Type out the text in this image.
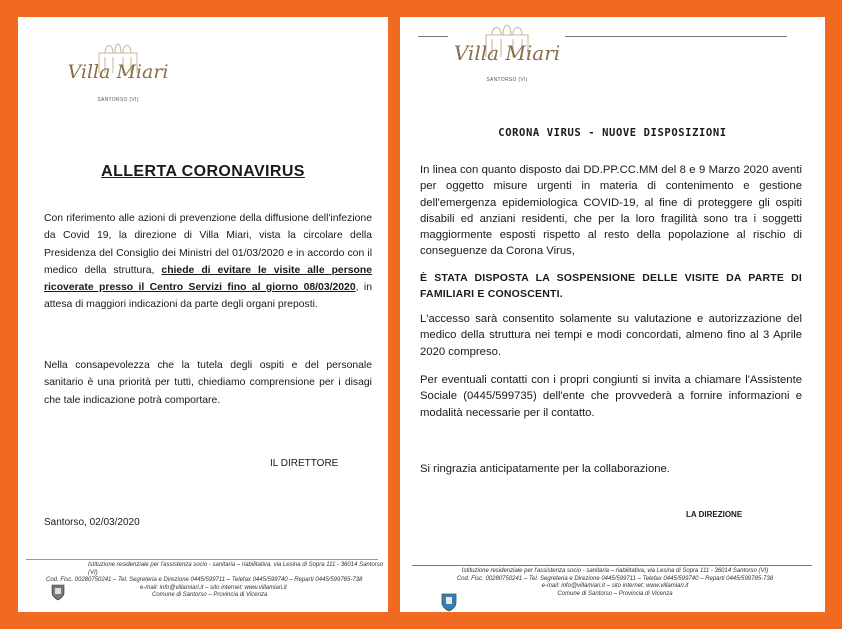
Villa Miari
SANTORSO (VI)
ALLERTA CORONAVIRUS
Con riferimento alle azioni di prevenzione della diffusione dell'infezione da Covid 19, la direzione di Villa Miari, vista la circolare della Presidenza del Consiglio dei Ministri del 01/03/2020 e in accordo con il medico della struttura, chiede di evitare le visite alle persone ricoverate presso il Centro Servizi fino al giorno 08/03/2020, in attesa di maggiori indicazioni da parte degli organi preposti.
Nella consapevolezza che la tutela degli ospiti e del personale sanitario è una priorità per tutti, chiediamo comprensione per i disagi che tale indicazione potrà comportare.
IL DIRETTORE
Santorso, 02/03/2020
Istituzione residenziale per l'assistenza socio - sanitaria – riabilitativa, via Lesina di Sopra 111 - 36014 Santorso (VI)
Cod. Fisc. 00280750241 – Tel. Segreteria e Direzione 0445/599711 – Telefax 0445/599740 – Reparti 0445/599785-738
e-mail: info@villamiari.it – sito internet: www.villamiari.it
Comune di Santorso – Provincia di Vicenza
Villa Miari
SANTORSO (VI)
CORONA VIRUS - NUOVE DISPOSIZIONI
In linea con quanto disposto dai DD.PP.CC.MM del 8 e 9 Marzo 2020 aventi per oggetto misure urgenti in materia di contenimento e gestione dell'emergenza epidemiologica COVID-19, al fine di proteggere gli ospiti disabili ed anziani residenti, che per la loro fragilità sono tra i soggetti maggiormente esposti rispetto al resto della popolazione al rischio di conseguenze da Corona Virus,
È STATA DISPOSTA LA SOSPENSIONE DELLE VISITE DA PARTE DI FAMILIARI E CONOSCENTI.
L'accesso sarà consentito solamente su valutazione e autorizzazione del medico della struttura nei tempi e modi concordati, almeno fino al 3 Aprile 2020 compreso.
Per eventuali contatti con i propri congiunti si invita a chiamare l'Assistente Sociale (0445/599735) dell'ente che provvederà a fornire informazioni e modalità necessarie per il contatto.
Si ringrazia anticipatamente per la collaborazione.
LA DIREZIONE
Istituzione residenziale per l'assistenza socio - sanitaria – riabilitativa, via Lesina di Sopra 111 - 36014 Santorso (VI)
Cod. Fisc. 00280750241 – Tel. Segreteria e Direzione 0445/599711 – Telefax 0445/599740 – Reparti 0445/599785-738
e-mail: info@villamiari.it – sito internet: www.villamiari.it
Comune di Santorso – Provincia di Vicenza
